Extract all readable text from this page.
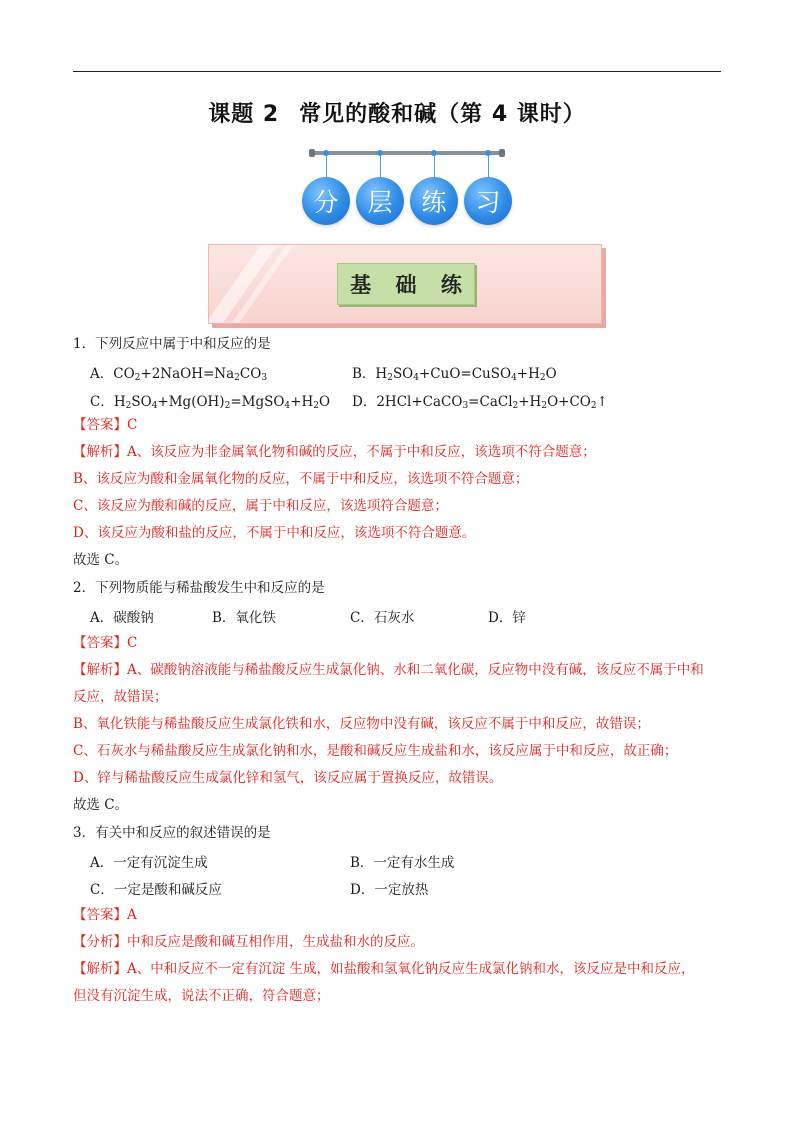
课题 2 常见的酸和碱（第 4 课时）
分	层	练	习
基 础 练
1．下列反应中属于中和反应的是
A．$CO_2+2NaOH=Na_2CO_3$	B．$H_2SO_4+CuO=CuSO_4+H_2O$
C．$H_2SO_4+Mg(OH)_2=MgSO_4+H_2O$ D．$2HCl+CaCO_3=CaCl_2+H_2O+CO_2↑$
【答案】C
【解析】A、该反应为非金属氧化物和碱的反应，不属于中和反应，该选项不符合题意；
B、该反应为酸和金属氧化物的反应，不属于中和反应，该选项不符合题意；
C、该反应为酸和碱的反应，属于中和反应，该选项符合题意；
D、该反应为酸和盐的反应，不属于中和反应，该选项不符合题意。
故选 C。
2．下列物质能与稀盐酸发生中和反应的是
A．碳酸钠	B．氧化铁	C．石灰水	D．锌
【答案】C
【解析】A、碳酸钠溶液能与稀盐酸反应生成氯化钠、水和二氧化碳，反应物中没有碱，该反应不属于中和
反应，故错误；
B、氧化铁能与稀盐酸反应生成氯化铁和水，反应物中没有碱，该反应不属于中和反应，故错误；
C、石灰水与稀盐酸反应生成氯化钠和水，是酸和碱反应生成盐和水，该反应属于中和反应，故正确；
D、锌与稀盐酸反应生成氯化锌和氢气，该反应属于置换反应，故错误。
故选 C。
3．有关中和反应的叙述错误的是
A．一定有沉淀生成	B．一定有水生成
C．一定是酸和碱反应	D．一定放热
【答案】A
【分析】中和反应是酸和碱互相作用，生成盐和水的反应。
【解析】A、中和反应不一定有沉淀 生成，如盐酸和氢氧化钠反应生成氯化钠和水，该反应是中和反应，
但没有沉淀生成，说法不正确，符合题意；
